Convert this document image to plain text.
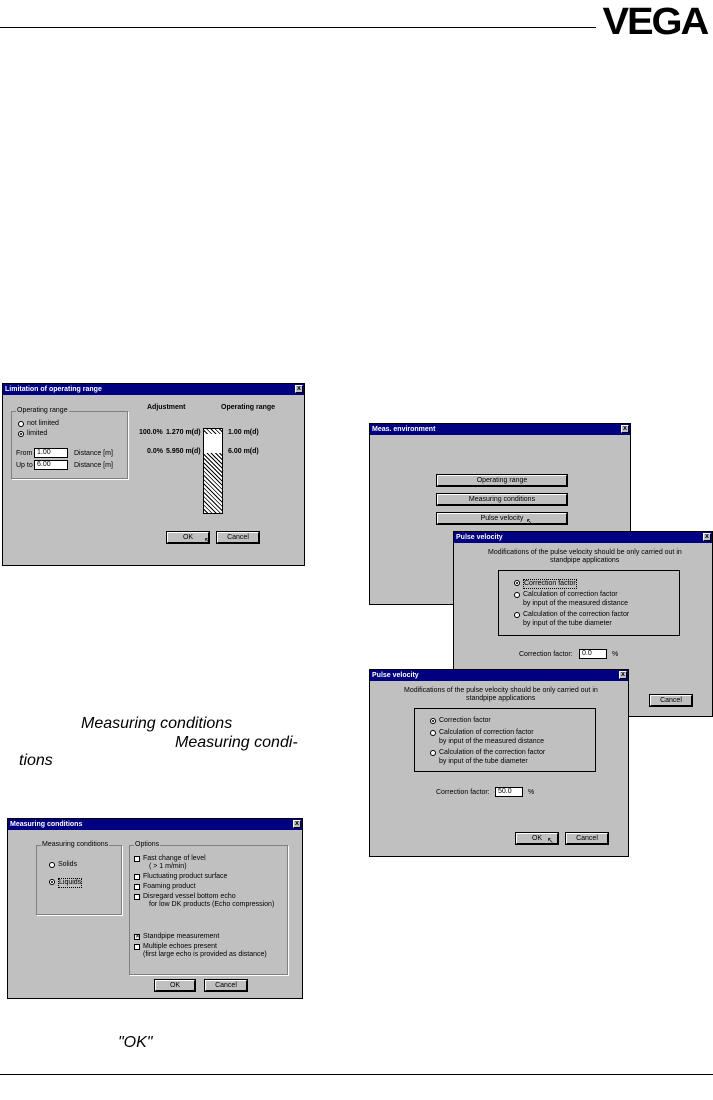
VEGA
Measuring conditions
Measuring condi-
tions
"OK"
Limitation of operating range	x
Operating range
not limited
limited
From 1.00	Distance [m]
Up to 6.00	Distance [m]
Adjustment	Operating range
100.0% 1.270 m(d)	1.00 m(d)
0.0% 5.950 m(d)	6.00 m(d)
OK	Cancel
↖
Meas. environment	x
Operating range
Measuring conditions
Pulse velocity ↖
Pulse velocity	x
Modifications of the pulse velocity should be only carried out in
standpipe applications
Correction factor
Calculation of correction factor
by input of the measured distance
Calculation of the correction factor
by input of the tube diameter
Correction factor:	0.0	%
Cancel
Pulse velocity	x
Modifications of the pulse velocity should be only carried out in
standpipe applications
Correction factor
Calculation of correction factor
by input of the measured distance
Calculation of the correction factor
by input of the tube diameter
Correction factor:	50.0	%
OK	Cancel
↖
Measuring conditions	x
Measuring conditions
Solids
Liquids
Options
Fast change of level
( > 1 m/min)
Fluctuating product surface
Foaming product
Disregard vessel bottom echo
for low DK products (Echo compression)
✕ Standpipe measurement
Multiple echoes present
(first large echo is provided as distance)
OK	Cancel
